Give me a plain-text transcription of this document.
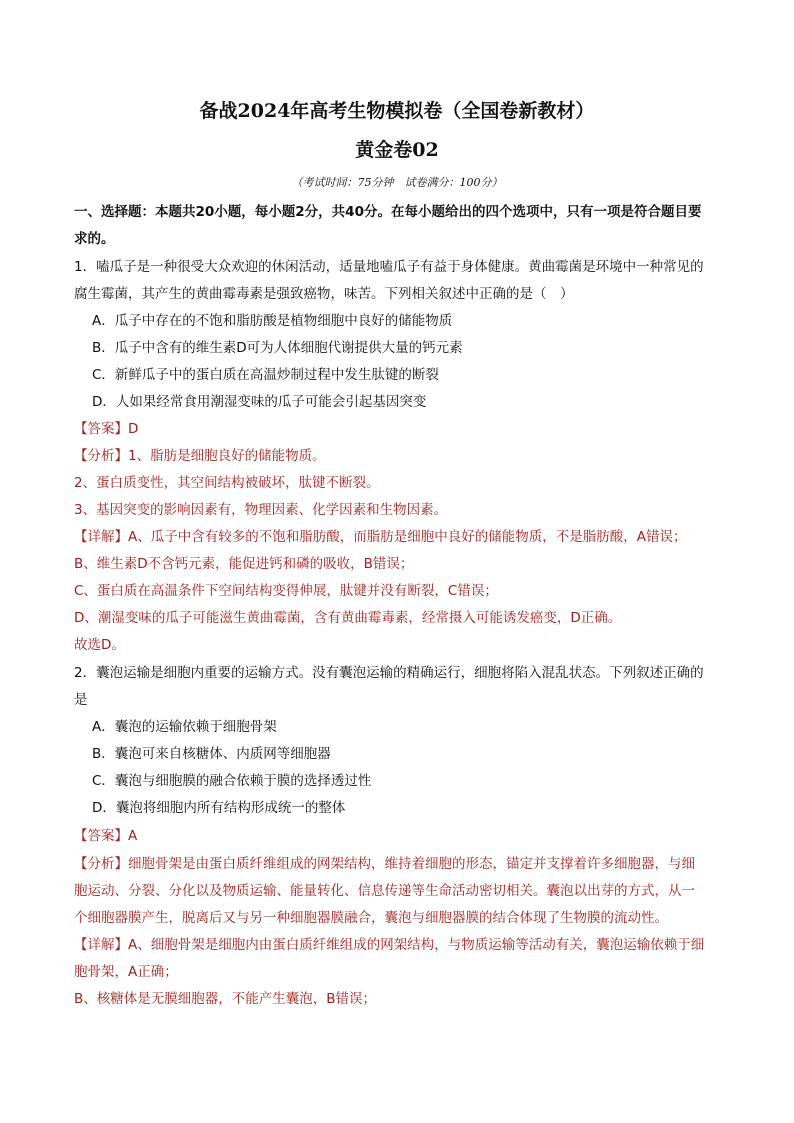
备战2024年高考生物模拟卷（全国卷新教材）
黄金卷02
（考试时间：75分钟　试卷满分：100分）
一、选择题：本题共20小题，每小题2分，共40分。在每小题给出的四个选项中，只有一项是符合题目要
求的。
1．嗑瓜子是一种很受大众欢迎的休闲活动，适量地嗑瓜子有益于身体健康。黄曲霉菌是环境中一种常见的
腐生霉菌，其产生的黄曲霉毒素是强致癌物，味苦。下列相关叙述中正确的是（　）
A．瓜子中存在的不饱和脂肪酸是植物细胞中良好的储能物质
B．瓜子中含有的维生素D可为人体细胞代谢提供大量的钙元素
C．新鲜瓜子中的蛋白质在高温炒制过程中发生肽键的断裂
D．人如果经常食用潮湿变味的瓜子可能会引起基因突变
【答案】D
【分析】1、脂肪是细胞良好的储能物质。
2、蛋白质变性，其空间结构被破坏，肽键不断裂。
3、基因突变的影响因素有，物理因素、化学因素和生物因素。
【详解】A、瓜子中含有较多的不饱和脂肪酸，而脂肪是细胞中良好的储能物质，不是脂肪酸，A错误；
B、维生素D不含钙元素，能促进钙和磷的吸收，B错误；
C、蛋白质在高温条件下空间结构变得伸展，肽键并没有断裂，C错误；
D、潮湿变味的瓜子可能滋生黄曲霉菌，含有黄曲霉毒素，经常摄入可能诱发癌变，D正确。
故选D。
2．囊泡运输是细胞内重要的运输方式。没有囊泡运输的精确运行，细胞将陷入混乱状态。下列叙述正确的
是
A．囊泡的运输依赖于细胞骨架
B．囊泡可来自核糖体、内质网等细胞器
C．囊泡与细胞膜的融合依赖于膜的选择透过性
D．囊泡将细胞内所有结构形成统一的整体
【答案】A
【分析】细胞骨架是由蛋白质纤维组成的网架结构，维持着细胞的形态，锚定并支撑着许多细胞器，与细
胞运动、分裂、分化以及物质运输、能量转化、信息传递等生命活动密切相关。囊泡以出芽的方式，从一
个细胞器膜产生，脱离后又与另一种细胞器膜融合，囊泡与细胞器膜的结合体现了生物膜的流动性。
【详解】A、细胞骨架是细胞内由蛋白质纤维组成的网架结构，与物质运输等活动有关，囊泡运输依赖于细
胞骨架，A正确；
B、核糖体是无膜细胞器，不能产生囊泡，B错误；
